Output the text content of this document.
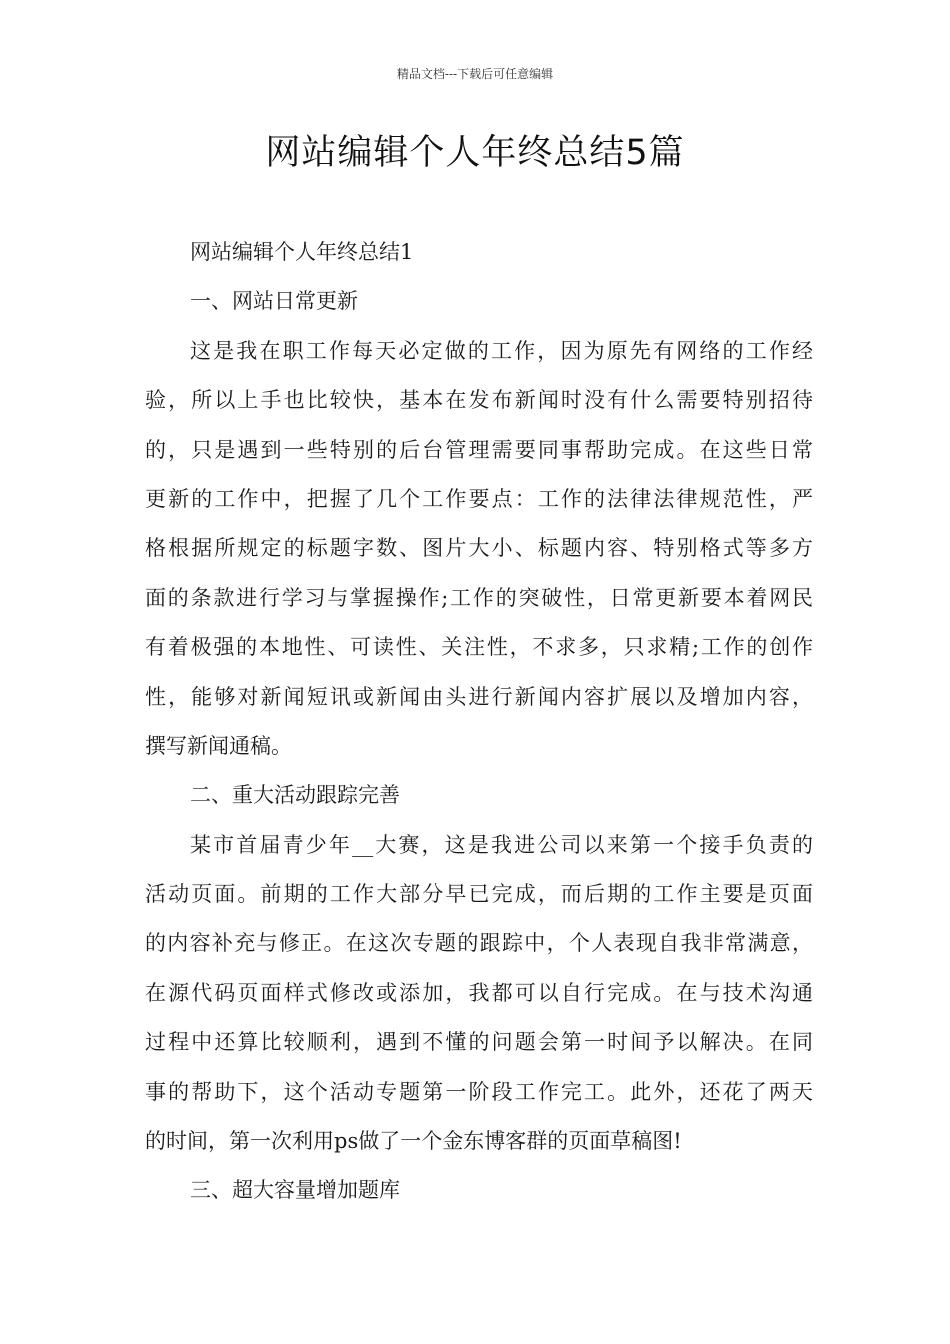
精品文档---下载后可任意编辑
网站编辑个人年终总结5篇

网站编辑个人年终总结1

一、网站日常更新

这是我在职工作每天必定做的工作，因为原先有网络的工作经

验，所以上手也比较快，基本在发布新闻时没有什么需要特别招待

的，只是遇到一些特别的后台管理需要同事帮助完成。在这些日常

更新的工作中，把握了几个工作要点：工作的法律法律规范性，严

格根据所规定的标题字数、图片大小、标题内容、特别格式等多方

面的条款进行学习与掌握操作;工作的突破性，日常更新要本着网民

有着极强的本地性、可读性、关注性，不求多，只求精;工作的创作

性，能够对新闻短讯或新闻由头进行新闻内容扩展以及增加内容，

撰写新闻通稿。

二、重大活动跟踪完善

某市首届青少年__大赛，这是我进公司以来第一个接手负责的

活动页面。前期的工作大部分早已完成，而后期的工作主要是页面

的内容补充与修正。在这次专题的跟踪中，个人表现自我非常满意，

在源代码页面样式修改或添加，我都可以自行完成。在与技术沟通

过程中还算比较顺利，遇到不懂的问题会第一时间予以解决。在同

事的帮助下，这个活动专题第一阶段工作完工。此外，还花了两天

的时间，第一次利用ps做了一个金东博客群的页面草稿图!

三、超大容量增加题库
